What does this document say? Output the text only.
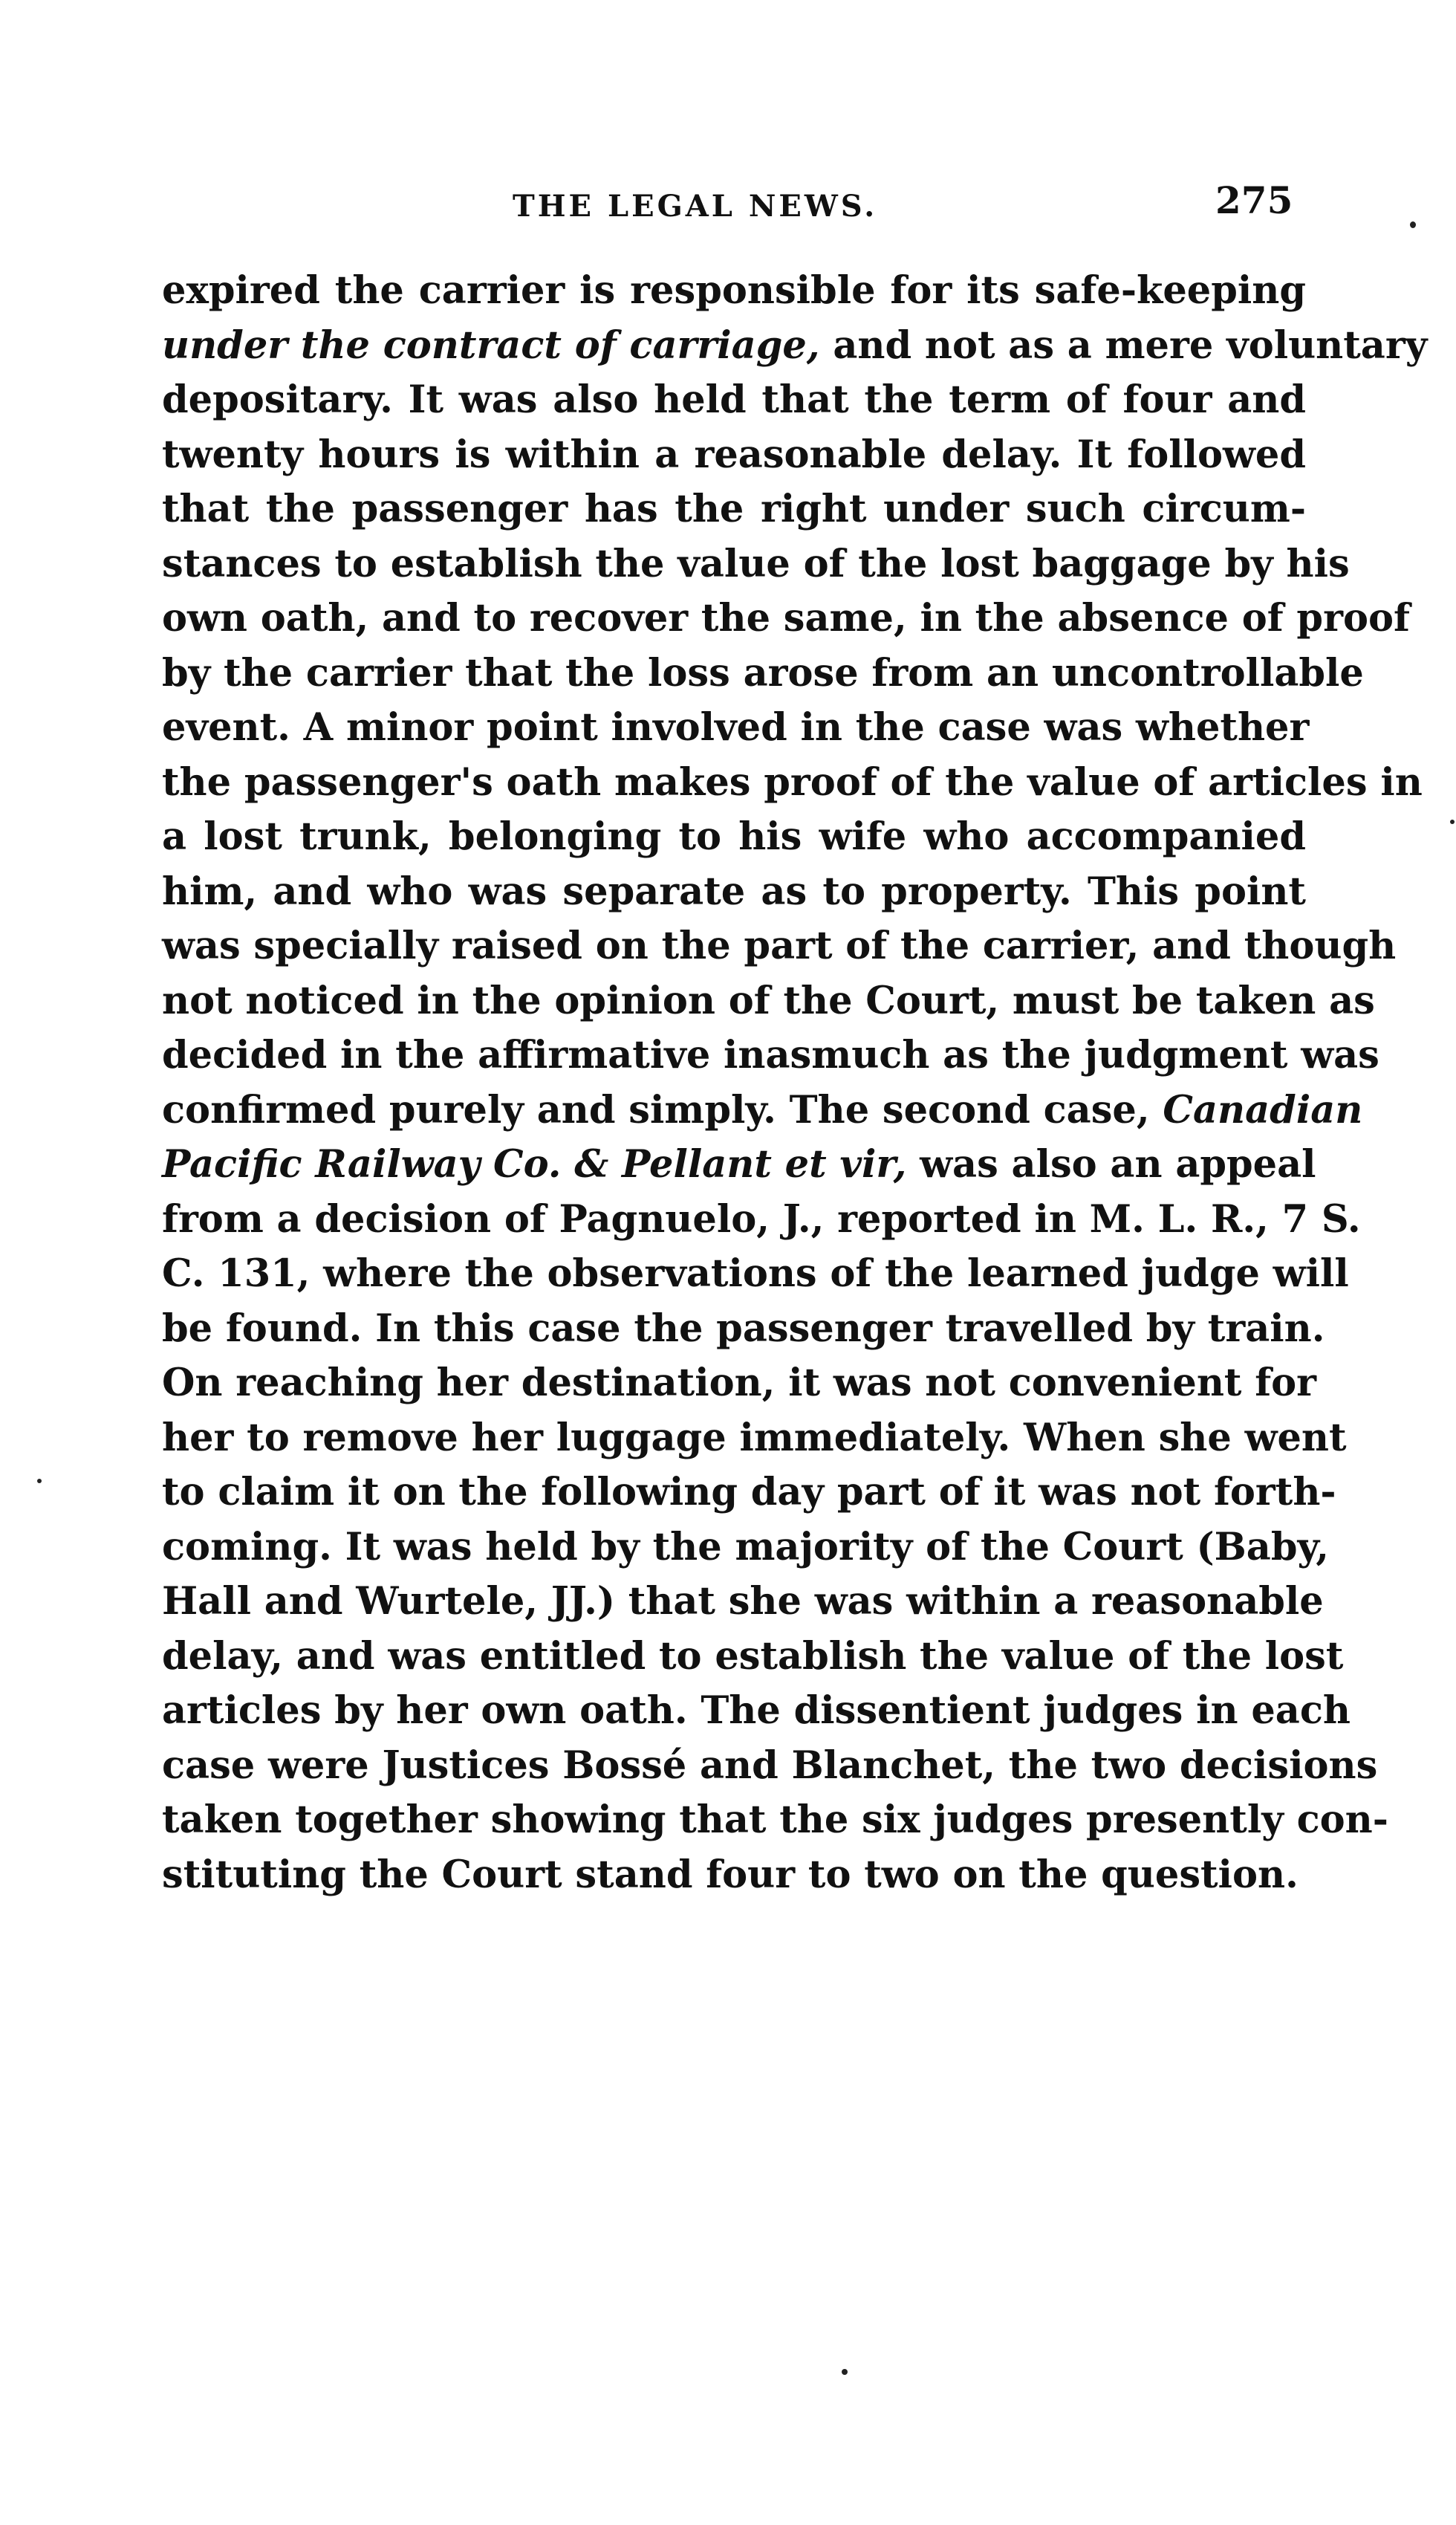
THE LEGAL NEWS.	275
expired the carrier is responsible for its safe-keeping
under the contract of carriage, and not as a mere voluntary
depositary. It was also held that the term of four and
twenty hours is within a reasonable delay. It followed
that the passenger has the right under such circum-
stances to establish the value of the lost baggage by his
own oath, and to recover the same, in the absence of proof
by the carrier that the loss arose from an uncontrollable
event. A minor point involved in the case was whether
the passenger's oath makes proof of the value of articles in
a lost trunk, belonging to his wife who accompanied
him, and who was separate as to property. This point
was specially raised on the part of the carrier, and though
not noticed in the opinion of the Court, must be taken as
decided in the affirmative inasmuch as the judgment was
confirmed purely and simply. The second case, Canadian
Pacific Railway Co. & Pellant et vir, was also an appeal
from a decision of Pagnuelo, J., reported in M. L. R., 7 S.
C. 131, where the observations of the learned judge will
be found. In this case the passenger travelled by train.
On reaching her destination, it was not convenient for
her to remove her luggage immediately. When she went
to claim it on the following day part of it was not forth-
coming. It was held by the majority of the Court (Baby,
Hall and Wurtele, JJ.) that she was within a reasonable
delay, and was entitled to establish the value of the lost
articles by her own oath. The dissentient judges in each
case were Justices Bossé and Blanchet, the two decisions
taken together showing that the six judges presently con-
stituting the Court stand four to two on the question.
